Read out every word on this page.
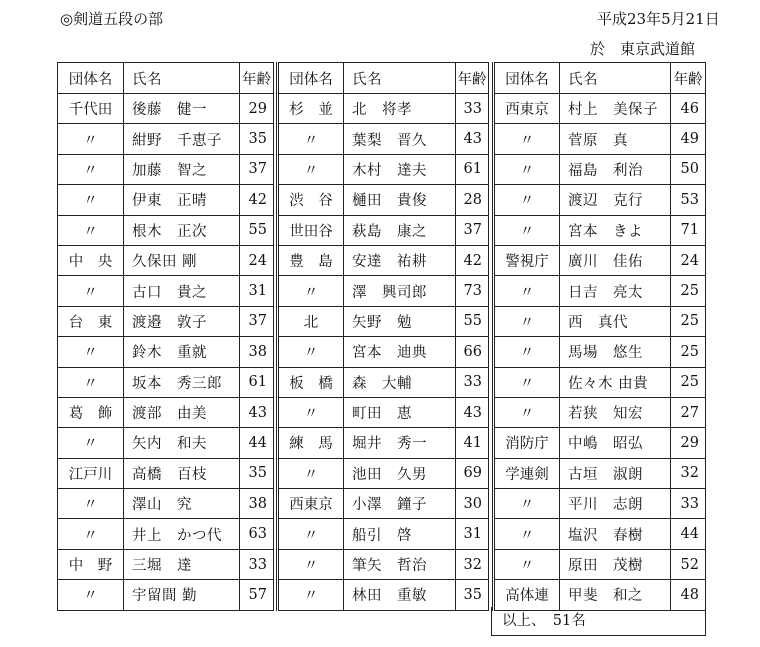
◎剣道五段の部	平成23年5月21日
於　東京武道館
団体名	氏名	年齢
千代田	後藤　健一	29
〃	紺野　千恵子	35
〃	加藤　智之	37
〃	伊東　正晴	42
〃	根木　正次	55
中　央	久保田 剛	24
〃	古口　貴之	31
台　東	渡邉　敦子	37
〃	鈴木　重就	38
〃	坂本　秀三郎	61
葛　飾	渡部　由美	43
〃	矢内　和夫	44
江戸川	高橋　百枝	35
〃	澤山　究	38
〃	井上　かつ代	63
中　野	三堀　達	33
〃	宇留間 勤	57
団体名	氏名	年齢
杉　並	北　将孝	33
〃	葉梨　晋久	43
〃	木村　達夫	61
渋　谷	樋田　貴俊	28
世田谷	萩島　康之	37
豊　島	安達　祐耕	42
〃	澤　興司郎	73
北	矢野　勉	55
〃	宮本　迪典	66
板　橋	森　大輔	33
〃	町田　恵	43
練　馬	堀井　秀一	41
〃	池田　久男	69
西東京	小澤　鐘子	30
〃	船引　啓	31
〃	筆矢　哲治	32
〃	林田　重敏	35
団体名	氏名	年齢
西東京	村上　美保子	46
〃	菅原　真	49
〃	福島　利治	50
〃	渡辺　克行	53
〃	宮本　きよ	71
警視庁	廣川　佳佑	24
〃	日吉　亮太	25
〃	西　真代	25
〃	馬場　悠生	25
〃	佐々木 由貴	25
〃	若狭　知宏	27
消防庁	中嶋　昭弘	29
学連剣	古垣　淑朗	32
〃	平川　志朗	33
〃	塩沢　春樹	44
〃	原田　茂樹	52
高体連	甲斐　和之	48
以上、　51名
